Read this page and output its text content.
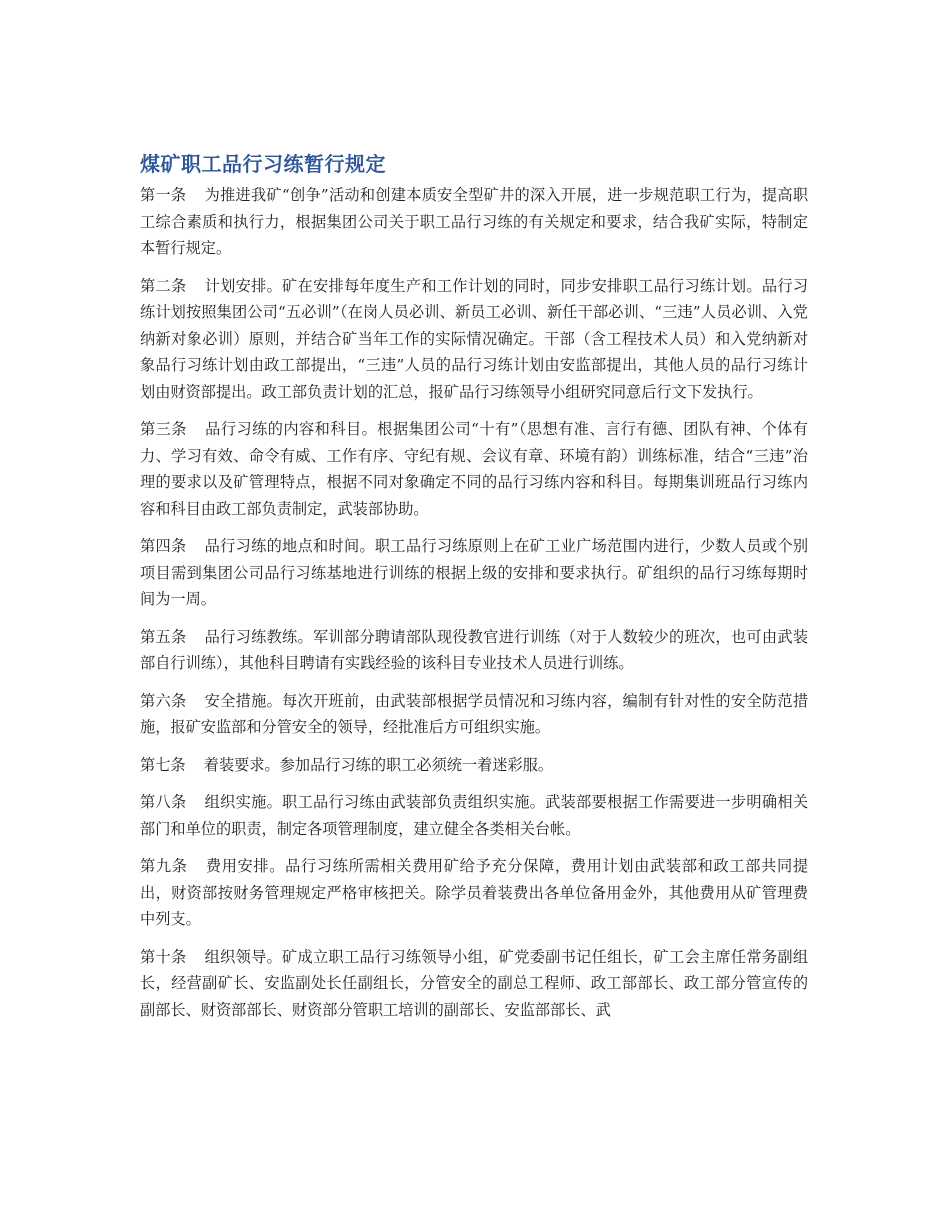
煤矿职工品行习练暂行规定

第一条 为推进我矿“创争”活动和创建本质安全型矿井的深入开展，进一步规范职工行为，提高职工综合素质和执行力，根据集团公司关于职工品行习练的有关规定和要求，结合我矿实际，特制定本暂行规定。

第二条 计划安排。矿在安排每年度生产和工作计划的同时，同步安排职工品行习练计划。品行习练计划按照集团公司“五必训”（在岗人员必训、新员工必训、新任干部必训、“三违”人员必训、入党纳新对象必训）原则，并结合矿当年工作的实际情况确定。干部（含工程技术人员）和入党纳新对象品行习练计划由政工部提出，“三违”人员的品行习练计划由安监部提出，其他人员的品行习练计划由财资部提出。政工部负责计划的汇总，报矿品行习练领导小组研究同意后行文下发执行。

第三条 品行习练的内容和科目。根据集团公司“十有”（思想有准、言行有德、团队有神、个体有力、学习有效、命令有威、工作有序、守纪有规、会议有章、环境有韵）训练标准，结合“三违”治理的要求以及矿管理特点，根据不同对象确定不同的品行习练内容和科目。每期集训班品行习练内容和科目由政工部负责制定，武装部协助。

第四条 品行习练的地点和时间。职工品行习练原则上在矿工业广场范围内进行，少数人员或个别项目需到集团公司品行习练基地进行训练的根据上级的安排和要求执行。矿组织的品行习练每期时间为一周。

第五条 品行习练教练。军训部分聘请部队现役教官进行训练（对于人数较少的班次，也可由武装部自行训练），其他科目聘请有实践经验的该科目专业技术人员进行训练。

第六条 安全措施。每次开班前，由武装部根据学员情况和习练内容，编制有针对性的安全防范措施，报矿安监部和分管安全的领导，经批准后方可组织实施。

第七条 着装要求。参加品行习练的职工必须统一着迷彩服。

第八条 组织实施。职工品行习练由武装部负责组织实施。武装部要根据工作需要进一步明确相关部门和单位的职责，制定各项管理制度，建立健全各类相关台帐。

第九条 费用安排。品行习练所需相关费用矿给予充分保障，费用计划由武装部和政工部共同提出，财资部按财务管理规定严格审核把关。除学员着装费出各单位备用金外，其他费用从矿管理费中列支。

第十条 组织领导。矿成立职工品行习练领导小组，矿党委副书记任组长，矿工会主席任常务副组长，经营副矿长、安监副处长任副组长，分管安全的副总工程师、政工部部长、政工部分管宣传的副部长、财资部部长、财资部分管职工培训的副部长、安监部部长、武
